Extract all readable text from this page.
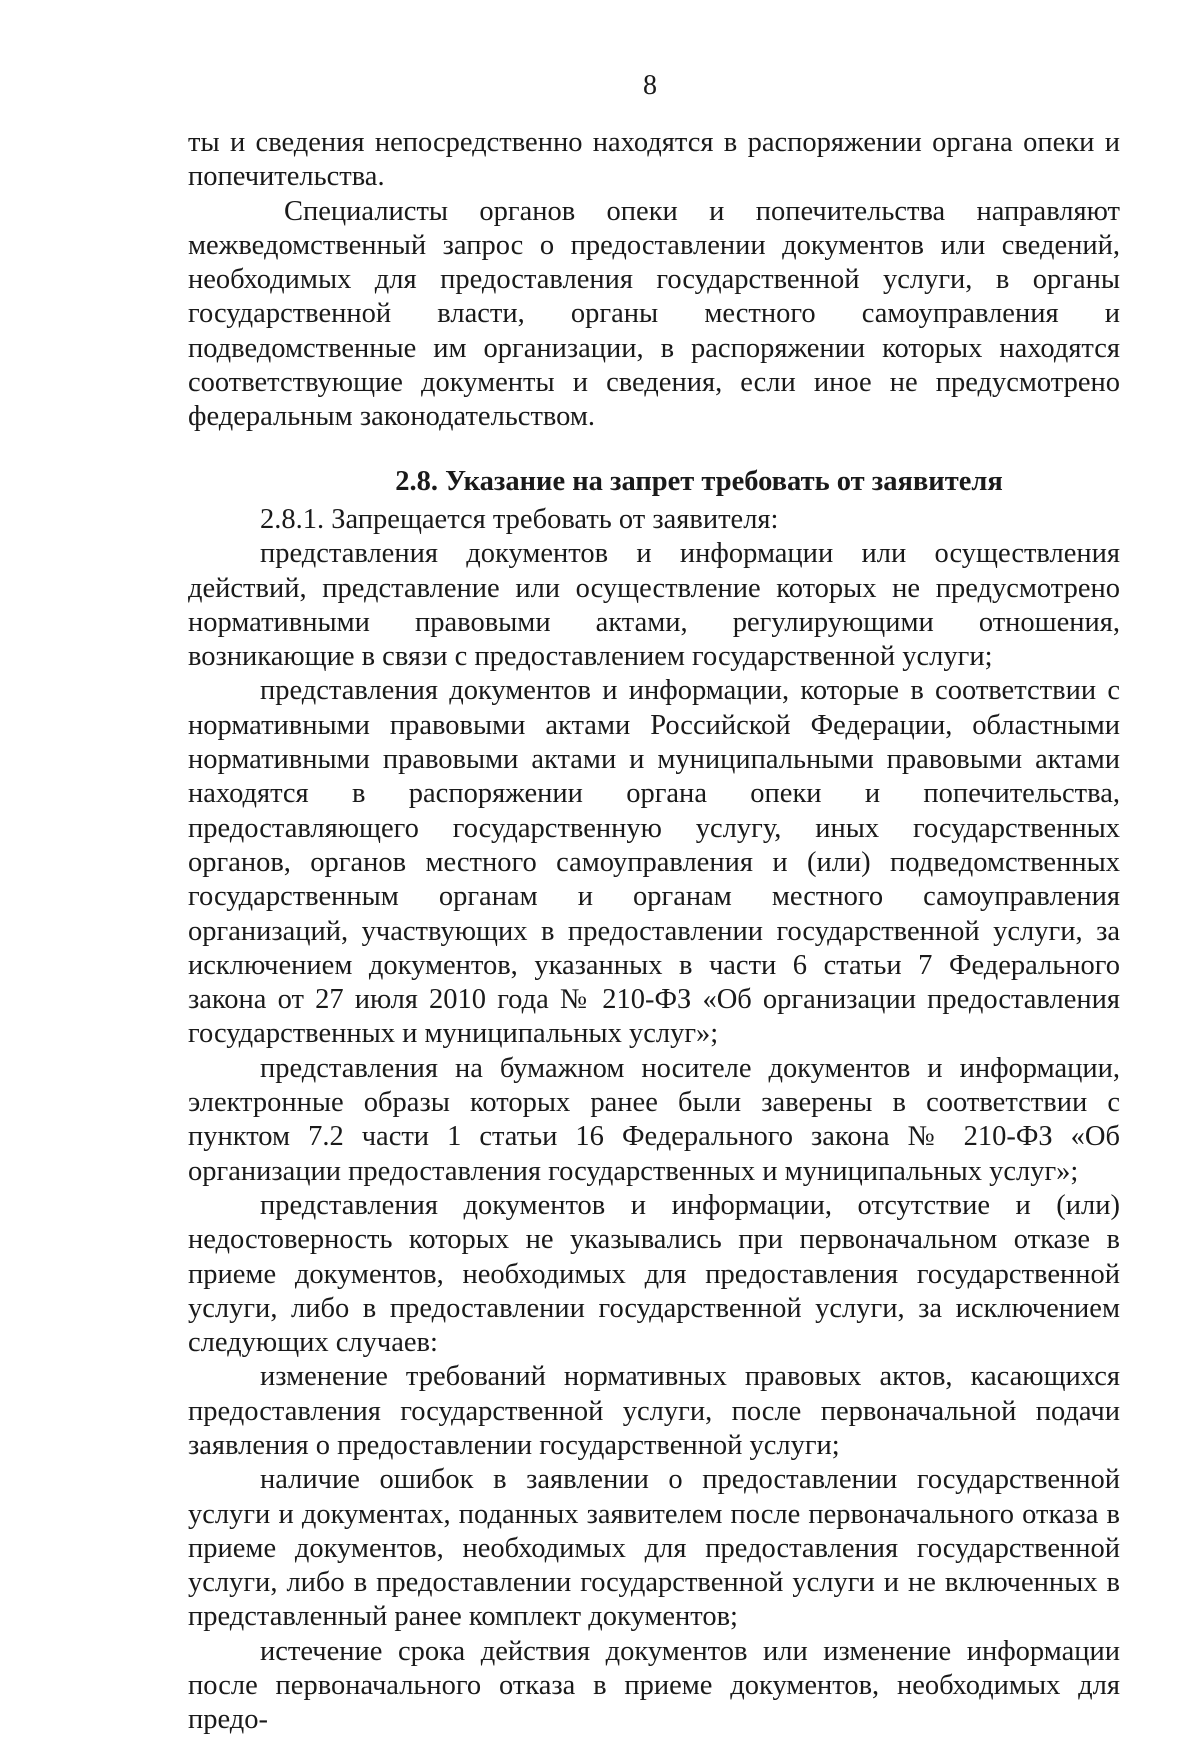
8

ты и сведения непосредственно находятся в распоряжении органа опеки и попечительства.

Специалисты органов опеки и попечительства направляют межведомственный запрос о предоставлении документов или сведений, необходимых для предоставления государственной услуги, в органы государственной власти, органы местного самоуправления и подведомственные им организации, в распоряжении которых находятся соответствующие документы и сведения, если иное не предусмотрено федеральным законодательством.

2.8. Указание на запрет требовать от заявителя

2.8.1. Запрещается требовать от заявителя:

представления документов и информации или осуществления действий, представление или осуществление которых не предусмотрено нормативными правовыми актами, регулирующими отношения, возникающие в связи с предоставлением государственной услуги;

представления документов и информации, которые в соответствии с нормативными правовыми актами Российской Федерации, областными нормативными правовыми актами и муниципальными правовыми актами находятся в распоряжении органа опеки и попечительства, предоставляющего государственную услугу, иных государственных органов, органов местного самоуправления и (или) подведомственных государственным органам и органам местного самоуправления организаций, участвующих в предоставлении государственной услуги, за исключением документов, указанных в части 6 статьи 7 Федерального закона от 27 июля 2010 года № 210-ФЗ «Об организации предоставления государственных и муниципальных услуг»;

представления на бумажном носителе документов и информации, электронные образы которых ранее были заверены в соответствии с пунктом 7.2 части 1 статьи 16 Федерального закона № 210-ФЗ «Об организации предоставления государственных и муниципальных услуг»;

представления документов и информации, отсутствие и (или) недостоверность которых не указывались при первоначальном отказе в приеме документов, необходимых для предоставления государственной услуги, либо в предоставлении государственной услуги, за исключением следующих случаев:

изменение требований нормативных правовых актов, касающихся предоставления государственной услуги, после первоначальной подачи заявления о предоставлении государственной услуги;

наличие ошибок в заявлении о предоставлении государственной услуги и документах, поданных заявителем после первоначального отказа в приеме документов, необходимых для предоставления государственной услуги, либо в предоставлении государственной услуги и не включенных в представленный ранее комплект документов;

истечение срока действия документов или изменение информации после первоначального отказа в приеме документов, необходимых для предо-
